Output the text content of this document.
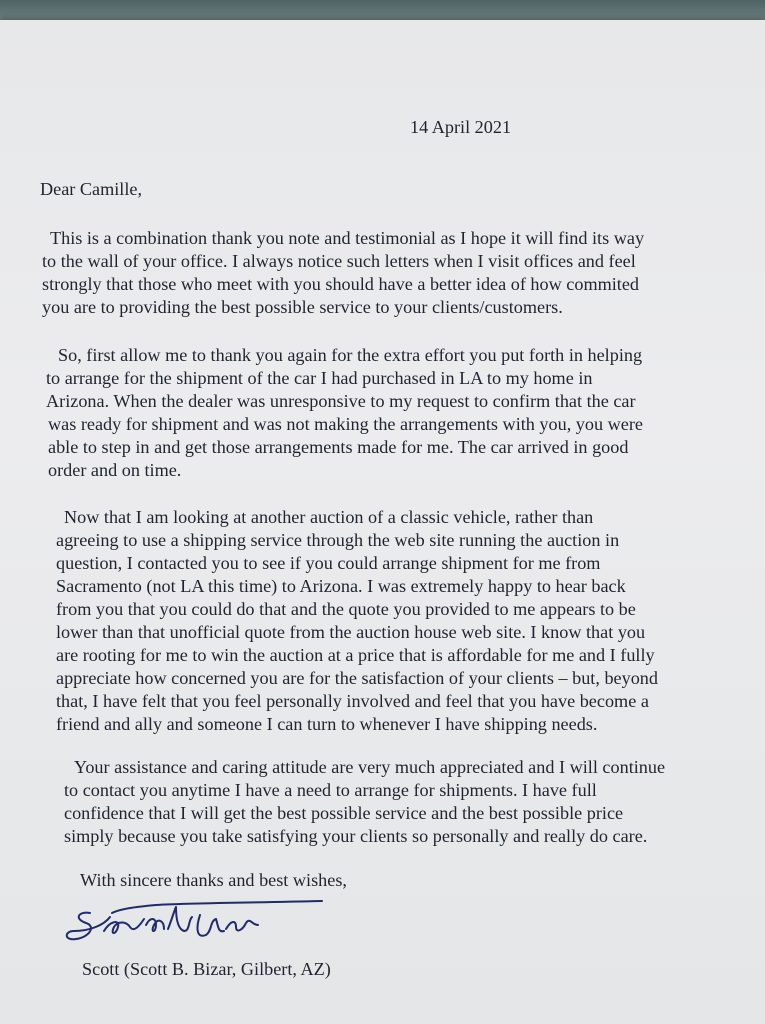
14 April 2021
Dear Camille,
This is a combination thank you note and testimonial as I hope it will find its way
to the wall of your office. I always notice such letters when I visit offices and feel
strongly that those who meet with you should have a better idea of how commited
you are to providing the best possible service to your clients/customers.
So, first allow me to thank you again for the extra effort you put forth in helping
to arrange for the shipment of the car I had purchased in LA to my home in
Arizona. When the dealer was unresponsive to my request to confirm that the car
was ready for shipment and was not making the arrangements with you, you were
able to step in and get those arrangements made for me. The car arrived in good
order and on time.
Now that I am looking at another auction of a classic vehicle, rather than
agreeing to use a shipping service through the web site running the auction in
question, I contacted you to see if you could arrange shipment for me from
Sacramento (not LA this time) to Arizona. I was extremely happy to hear back
from you that you could do that and the quote you provided to me appears to be
lower than that unofficial quote from the auction house web site. I know that you
are rooting for me to win the auction at a price that is affordable for me and I fully
appreciate how concerned you are for the satisfaction of your clients – but, beyond
that, I have felt that you feel personally involved and feel that you have become a
friend and ally and someone I can turn to whenever I have shipping needs.
Your assistance and caring attitude are very much appreciated and I will continue
to contact you anytime I have a need to arrange for shipments. I have full
confidence that I will get the best possible service and the best possible price
simply because you take satisfying your clients so personally and really do care.
With sincere thanks and best wishes,
Scott (Scott B. Bizar, Gilbert, AZ)
